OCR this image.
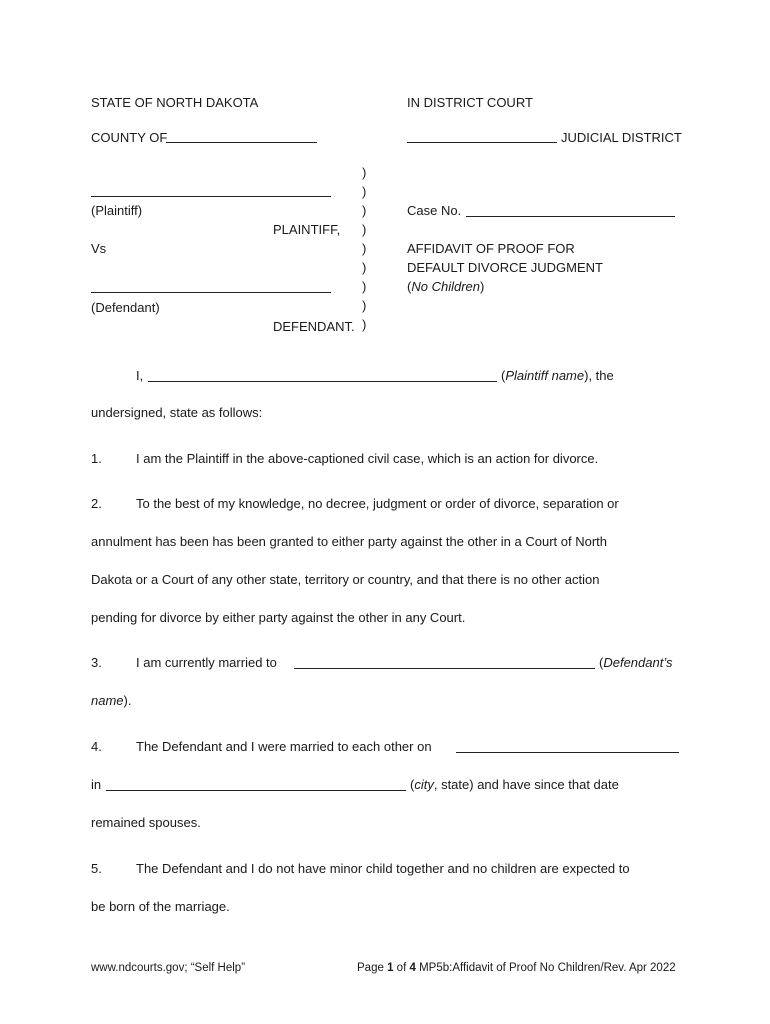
STATE OF NORTH DAKOTA	IN DISTRICT COURT
COUNTY OF	JUDICIAL DISTRICT
(Plaintiff)
PLAINTIFF,
Vs
(Defendant)
DEFENDANT.
)
)
)
)
)
)
)
)
)
Case No.
AFFIDAVIT OF PROOF FOR
DEFAULT DIVORCE JUDGMENT
(No Children)
I,	(Plaintiff name), the
undersigned, state as follows:
1.	I am the Plaintiff in the above-captioned civil case, which is an action for divorce.
2.	To the best of my knowledge, no decree, judgment or order of divorce, separation or
annulment has been has been granted to either party against the other in a Court of North
Dakota or a Court of any other state, territory or country, and that there is no other action
pending for divorce by either party against the other in any Court.
3.	I am currently married to	(Defendant’s
name).
4.	The Defendant and I were married to each other on
in	(city, state) and have since that date
remained spouses.
5.	The Defendant and I do not have minor child together and no children are expected to
be born of the marriage.
www.ndcourts.gov; “Self Help”	Page 1 of 4 MP5b:Affidavit of Proof No Children/Rev. Apr 2022
